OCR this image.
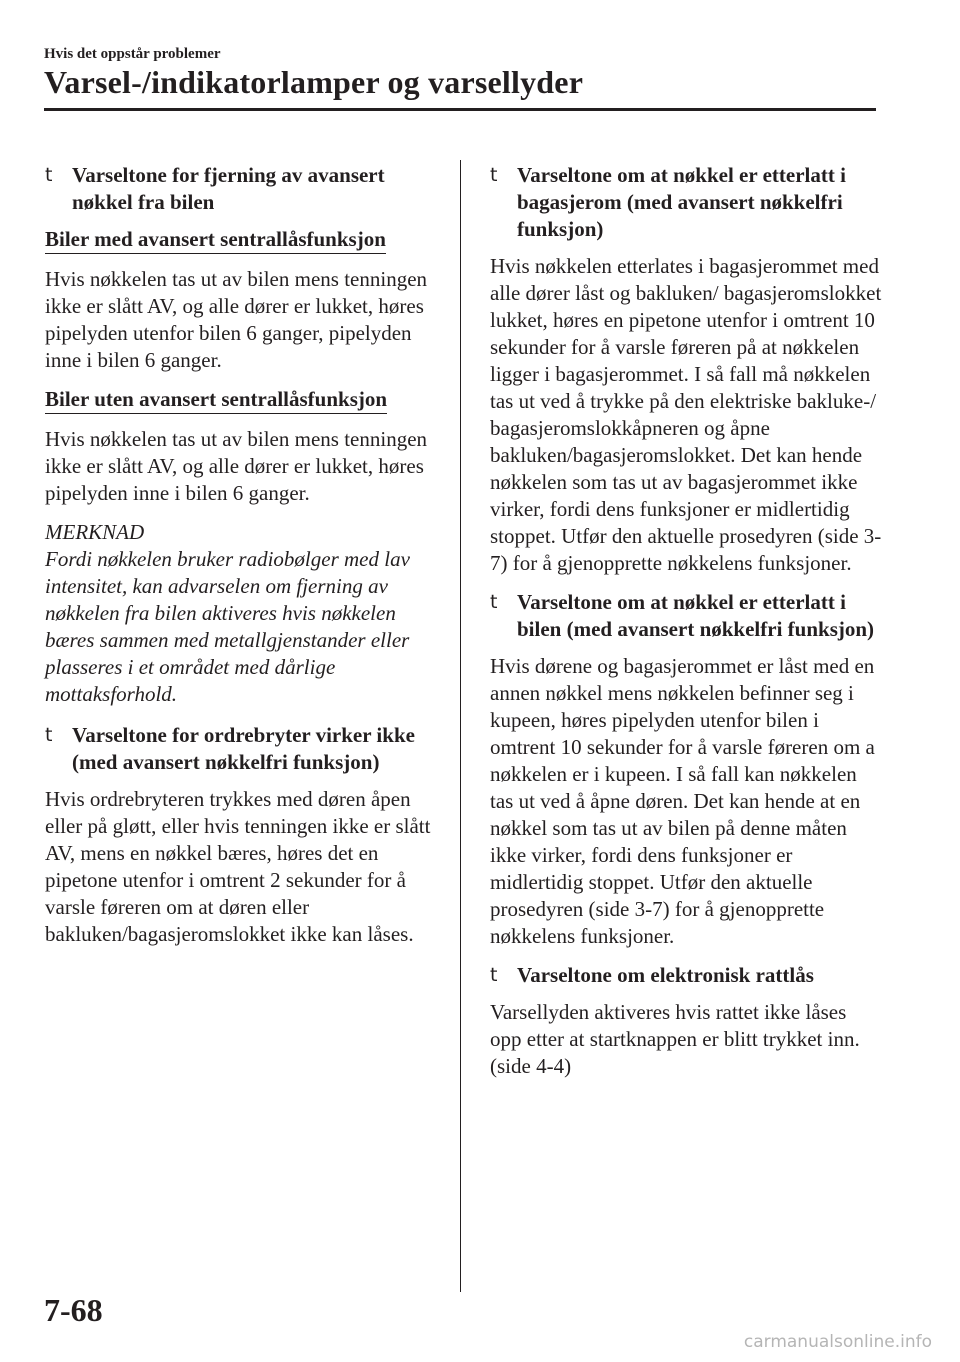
Hvis det oppstår problemer
Varsel-/indikatorlamper og varsellyder
t Varseltone for fjerning av avansert nøkkel fra bilen
Biler med avansert sentrallåsfunksjon

Hvis nøkkelen tas ut av bilen mens tenningen ikke er slått AV, og alle dører er lukket, høres pipelyden utenfor bilen 6 ganger, pipelyden inne i bilen 6 ganger.

Biler uten avansert sentrallåsfunksjon

Hvis nøkkelen tas ut av bilen mens tenningen ikke er slått AV, og alle dører er lukket, høres pipelyden inne i bilen 6 ganger.

MERKNAD

Fordi nøkkelen bruker radiobølger med lav intensitet, kan advarselen om fjerning av nøkkelen fra bilen aktiveres hvis nøkkelen bæres sammen med metallgjenstander eller plasseres i et området med dårlige mottaksforhold.

t Varseltone for ordrebryter virker ikke (med avansert nøkkelfri funksjon)

Hvis ordrebryteren trykkes med døren åpen eller på gløtt, eller hvis tenningen ikke er slått AV, mens en nøkkel bæres, høres det en pipetone utenfor i omtrent 2 sekunder for å varsle føreren om at døren eller bakluken/bagasjeromslokket ikke kan låses.

t Varseltone om at nøkkel er etterlatt i bagasjerom (med avansert nøkkelfri funksjon)

Hvis nøkkelen etterlates i bagasjerommet med alle dører låst og bakluken/ bagasjeromslokket lukket, høres en pipetone utenfor i omtrent 10 sekunder for å varsle føreren på at nøkkelen ligger i bagasjerommet. I så fall må nøkkelen tas ut ved å trykke på den elektriske bakluke-/ bagasjeromslokkåpneren og åpne bakluken/bagasjeromslokket. Det kan hende nøkkelen som tas ut av bagasjerommet ikke virker, fordi dens funksjoner er midlertidig stoppet. Utfør den aktuelle prosedyren (side 3-7) for å gjenopprette nøkkelens funksjoner.

t Varseltone om at nøkkel er etterlatt i bilen (med avansert nøkkelfri funksjon)

Hvis dørene og bagasjerommet er låst med en annen nøkkel mens nøkkelen befinner seg i kupeen, høres pipelyden utenfor bilen i omtrent 10 sekunder for å varsle føreren om a nøkkelen er i kupeen. I så fall kan nøkkelen tas ut ved å åpne døren. Det kan hende at en nøkkel som tas ut av bilen på denne måten ikke virker, fordi dens funksjoner er midlertidig stoppet. Utfør den aktuelle prosedyren (side 3-7) for å gjenopprette nøkkelens funksjoner.

t Varseltone om elektronisk rattlås

Varsellyden aktiveres hvis rattet ikke låses opp etter at startknappen er blitt trykket inn. (side 4-4)

7-68
carmanualsonline.info
